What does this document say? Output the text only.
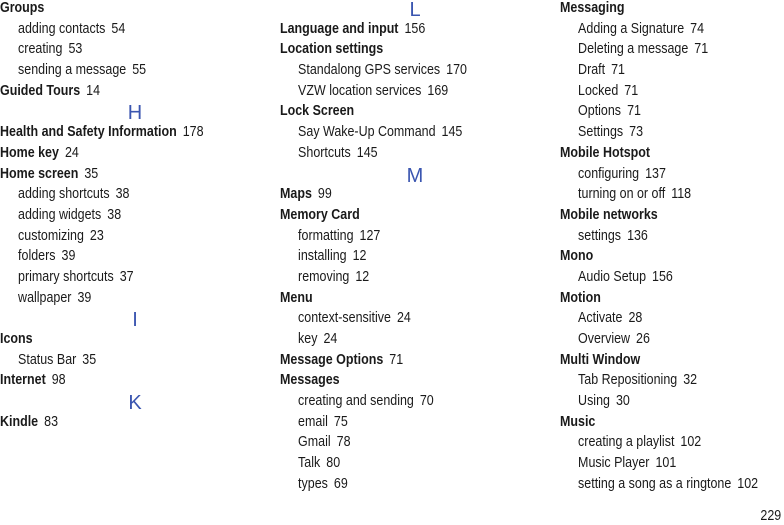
Groups
adding contacts 54
creating 53
sending a message 55
Guided Tours 14
H
Health and Safety Information 178
Home key 24
Home screen 35
adding shortcuts 38
adding widgets 38
customizing 23
folders 39
primary shortcuts 37
wallpaper 39
I
Icons
Status Bar 35
Internet 98
K
Kindle 83
L
Language and input 156
Location settings
Standalong GPS services 170
VZW location services 169
Lock Screen
Say Wake-Up Command 145
Shortcuts 145
M
Maps 99
Memory Card
formatting 127
installing 12
removing 12
Menu
context-sensitive 24
key 24
Message Options 71
Messages
creating and sending 70
email 75
Gmail 78
Talk 80
types 69
Messaging
Adding a Signature 74
Deleting a message 71
Draft 71
Locked 71
Options 71
Settings 73
Mobile Hotspot
configuring 137
turning on or off 118
Mobile networks
settings 136
Mono
Audio Setup 156
Motion
Activate 28
Overview 26
Multi Window
Tab Repositioning 32
Using 30
Music
creating a playlist 102
Music Player 101
setting a song as a ringtone 102
229
